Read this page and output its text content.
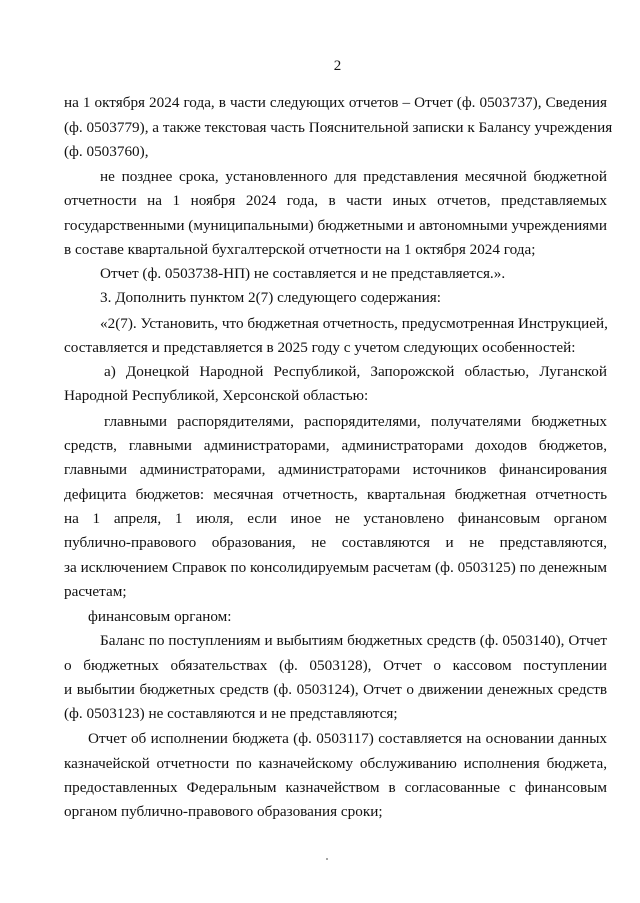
2
на 1 октября 2024 года, в части следующих отчетов – Отчет (ф. 0503737), Сведения
(ф. 0503779), а также текстовая часть Пояснительной записки к Балансу учреждения
(ф. 0503760),
не позднее срока, установленного для представления месячной бюджетной
отчетности на 1 ноября 2024 года, в части иных отчетов, представляемых
государственными (муниципальными) бюджетными и автономными учреждениями
в составе квартальной бухгалтерской отчетности на 1 октября 2024 года;
Отчет (ф. 0503738-НП) не составляется и не представляется.».
3. Дополнить пунктом 2(7) следующего содержания:
«2(7). Установить, что бюджетная отчетность, предусмотренная Инструкцией,
составляется и представляется в 2025 году с учетом следующих особенностей:
а) Донецкой Народной Республикой, Запорожской областью, Луганской
Народной Республикой, Херсонской областью:
главными распорядителями, распорядителями, получателями бюджетных
средств, главными администраторами, администраторами доходов бюджетов,
главными администраторами, администраторами источников финансирования
дефицита бюджетов: месячная отчетность, квартальная бюджетная отчетность
на 1 апреля, 1 июля, если иное не установлено финансовым органом
публично-правового образования, не составляются и не представляются,
за исключением Справок по консолидируемым расчетам (ф. 0503125) по денежным
расчетам;
финансовым органом:
Баланс по поступлениям и выбытиям бюджетных средств (ф. 0503140), Отчет
о бюджетных обязательствах (ф. 0503128), Отчет о кассовом поступлении
и выбытии бюджетных средств (ф. 0503124), Отчет о движении денежных средств
(ф. 0503123) не составляются и не представляются;
Отчет об исполнении бюджета (ф. 0503117) составляется на основании данных
казначейской отчетности по казначейскому обслуживанию исполнения бюджета,
предоставленных Федеральным казначейством в согласованные с финансовым
органом публично-правового образования сроки;
